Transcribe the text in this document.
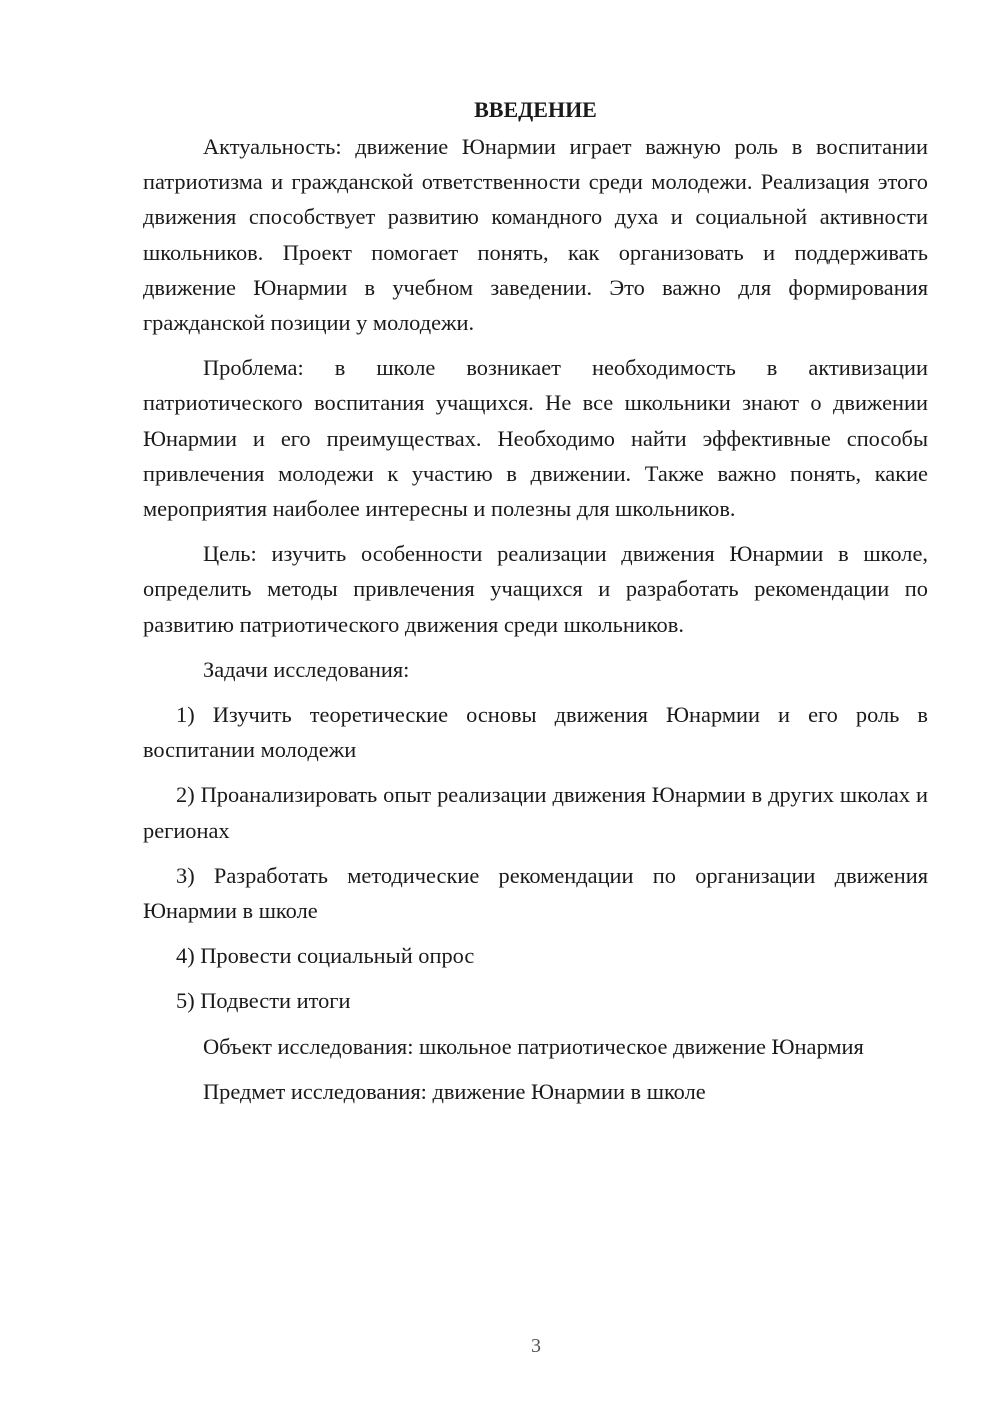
ВВЕДЕНИЕ

Актуальность: движение Юнармии играет важную роль в воспитании патриотизма и гражданской ответственности среди молодежи. Реализация этого движения способствует развитию командного духа и социальной активности школьников. Проект помогает понять, как организовать и поддерживать движение Юнармии в учебном заведении. Это важно для формирования гражданской позиции у молодежи.

Проблема: в школе возникает необходимость в активизации патриотического воспитания учащихся. Не все школьники знают о движении Юнармии и его преимуществах. Необходимо найти эффективные способы привлечения молодежи к участию в движении. Также важно понять, какие мероприятия наиболее интересны и полезны для школьников.

Цель: изучить особенности реализации движения Юнармии в школе, определить методы привлечения учащихся и разработать рекомендации по развитию патриотического движения среди школьников.

Задачи исследования:

1) Изучить теоретические основы движения Юнармии и его роль в воспитании молодежи

2) Проанализировать опыт реализации движения Юнармии в других школах и регионах

3) Разработать методические рекомендации по организации движения Юнармии в школе

4) Провести социальный опрос

5) Подвести итоги

Объект исследования: школьное патриотическое движение Юнармия

Предмет исследования: движение Юнармии в школе

3
